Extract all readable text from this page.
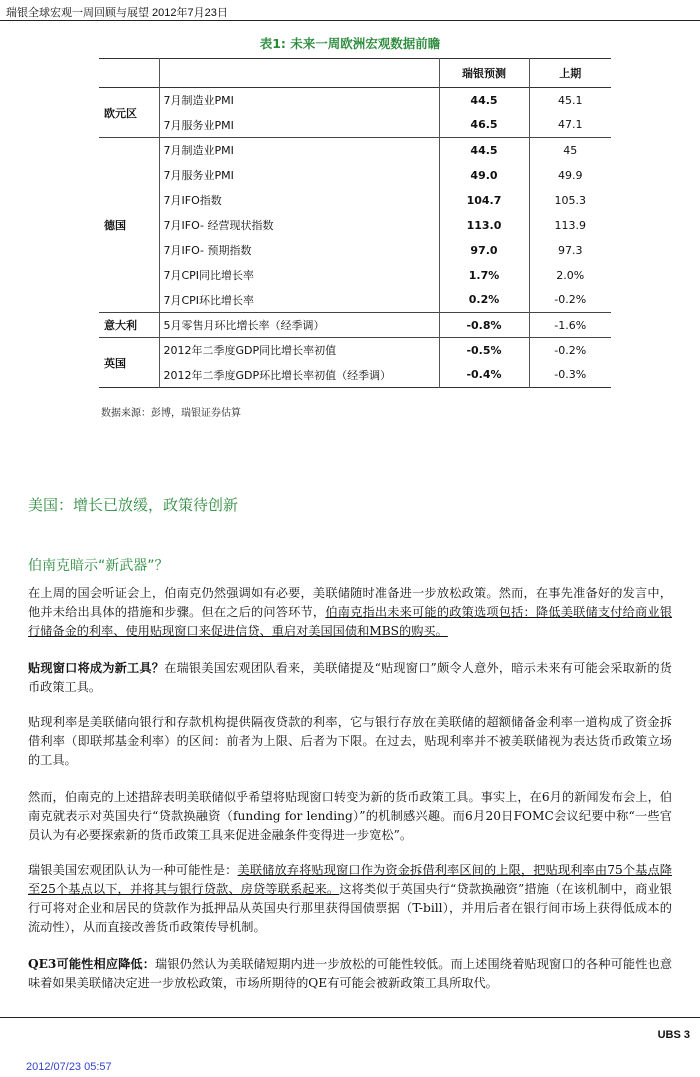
瑞银全球宏观一周回顾与展望 2012年7月23日
表1: 未来一周欧洲宏观数据前瞻
		瑞银预测	上期
欧元区	7月制造业PMI	44.5	45.1
	7月服务业PMI	46.5	47.1
德国	7月制造业PMI	44.5	45
	7月服务业PMI	49.0	49.9
	7月IFO指数	104.7	105.3
	7月IFO- 经营现状指数	113.0	113.9
	7月IFO- 预期指数	97.0	97.3
	7月CPI同比增长率	1.7%	2.0%
	7月CPI环比增长率	0.2%	-0.2%
意大利	5月零售月环比增长率（经季调）	-0.8%	-1.6%
英国	2012年二季度GDP同比增长率初值	-0.5%	-0.2%
	2012年二季度GDP环比增长率初值（经季调）	-0.4%	-0.3%
数据来源：彭博，瑞银证券估算
美国：增长已放缓，政策待创新
伯南克暗示“新武器”？

在上周的国会听证会上，伯南克仍然强调如有必要，美联储随时准备进一步放松政策。然而，在事先准备好的发言中，他并未给出具体的措施和步骤。但在之后的问答环节，伯南克指出未来可能的政策选项包括：降低美联储支付给商业银行储备金的利率、使用贴现窗口来促进信贷、重启对美国国债和MBS的购买。

贴现窗口将成为新工具？在瑞银美国宏观团队看来，美联储提及“贴现窗口”颇令人意外，暗示未来有可能会采取新的货币政策工具。

贴现利率是美联储向银行和存款机构提供隔夜贷款的利率，它与银行存放在美联储的超额储备金利率一道构成了资金拆借利率（即联邦基金利率）的区间：前者为上限、后者为下限。在过去，贴现利率并不被美联储视为表达货币政策立场的工具。

然而，伯南克的上述措辞表明美联储似乎希望将贴现窗口转变为新的货币政策工具。事实上，在6月的新闻发布会上，伯南克就表示对英国央行“贷款换融资（funding for lending）”的机制感兴趣。而6月20日FOMC会议纪要中称“一些官员认为有必要探索新的货币政策工具来促进金融条件变得进一步宽松”。

瑞银美国宏观团队认为一种可能性是：美联储放弃将贴现窗口作为资金拆借利率区间的上限，把贴现利率由75个基点降至25个基点以下，并将其与银行贷款、房贷等联系起来。这将类似于英国央行“贷款换融资”措施（在该机制中，商业银行可将对企业和居民的贷款作为抵押品从英国央行那里获得国债票据（T-bill），并用后者在银行间市场上获得低成本的流动性），从而直接改善货币政策传导机制。

QE3可能性相应降低：瑞银仍然认为美联储短期内进一步放松的可能性较低。而上述围绕着贴现窗口的各种可能性也意味着如果美联储决定进一步放松政策，市场所期待的QE有可能会被新政策工具所取代。

UBS 3
2012/07/23 05:57
